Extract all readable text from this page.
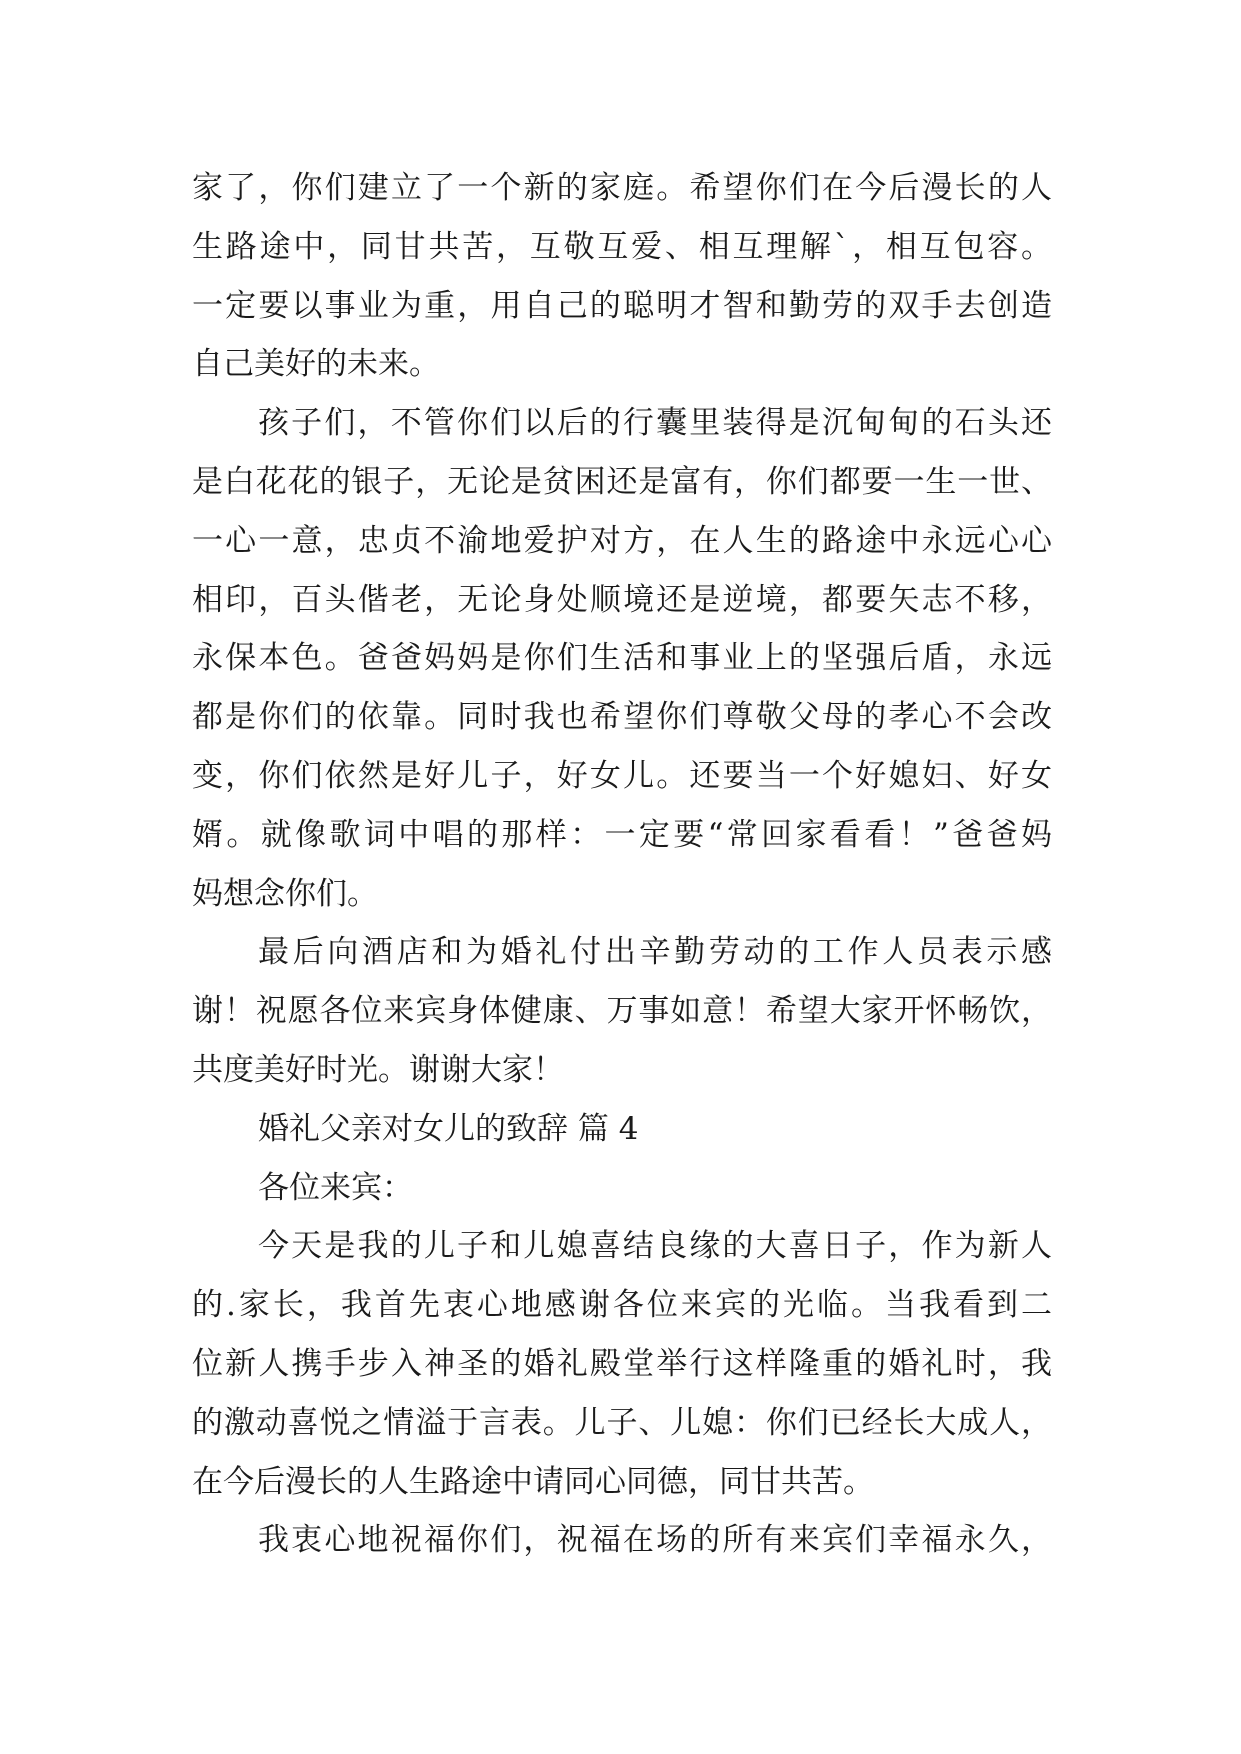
家了，你们建立了一个新的家庭。希望你们在今后漫长的人

生路途中，同甘共苦，互敬互爱、相互理解`，相互包容。

一定要以事业为重，用自己的聪明才智和勤劳的双手去创造

自己美好的未来。

孩子们，不管你们以后的行囊里装得是沉甸甸的石头还

是白花花的银子，无论是贫困还是富有，你们都要一生一世、

一心一意，忠贞不渝地爱护对方，在人生的路途中永远心心

相印，百头偕老，无论身处顺境还是逆境，都要矢志不移，

永保本色。爸爸妈妈是你们生活和事业上的坚强后盾，永远

都是你们的依靠。同时我也希望你们尊敬父母的孝心不会改

变，你们依然是好儿子，好女儿。还要当一个好媳妇、好女

婿。就像歌词中唱的那样：一定要“常回家看看！”爸爸妈

妈想念你们。

最后向酒店和为婚礼付出辛勤劳动的工作人员表示感

谢！祝愿各位来宾身体健康、万事如意！希望大家开怀畅饮，

共度美好时光。谢谢大家！

婚礼父亲对女儿的致辞 篇 4

各位来宾：

今天是我的儿子和儿媳喜结良缘的大喜日子，作为新人

的.家长，我首先衷心地感谢各位来宾的光临。当我看到二

位新人携手步入神圣的婚礼殿堂举行这样隆重的婚礼时，我

的激动喜悦之情溢于言表。儿子、儿媳：你们已经长大成人，

在今后漫长的人生路途中请同心同德，同甘共苦。

我衷心地祝福你们，祝福在场的所有来宾们幸福永久，
